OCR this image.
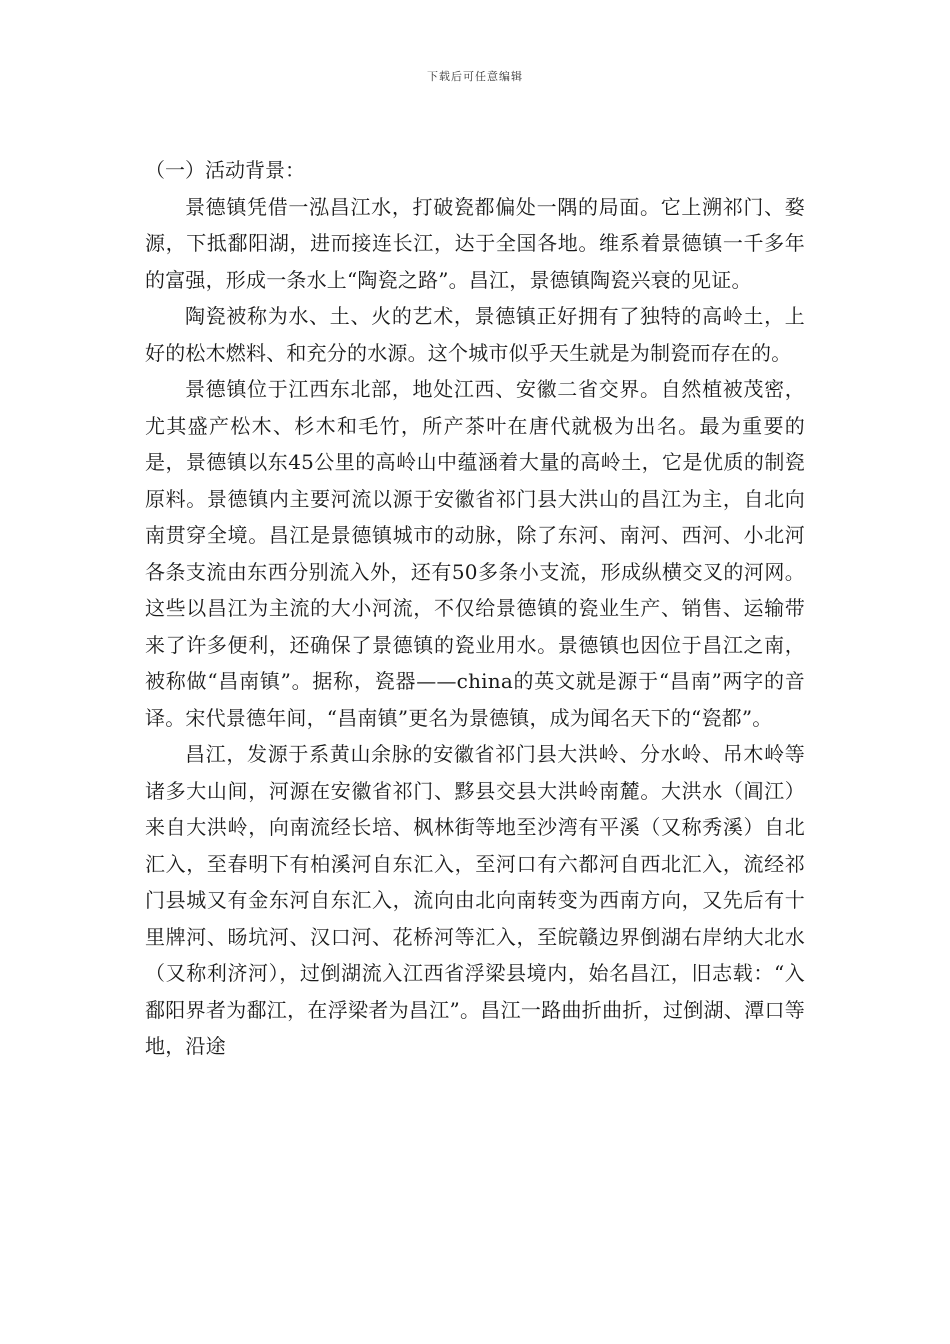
下载后可任意编辑

（一）活动背景：

景德镇凭借一泓昌江水，打破瓷都偏处一隅的局面。它上溯祁门、婺源，下抵鄱阳湖，进而接连长江，达于全国各地。维系着景德镇一千多年的富强，形成一条水上“陶瓷之路”。昌江，景德镇陶瓷兴衰的见证。

陶瓷被称为水、土、火的艺术，景德镇正好拥有了独特的高岭土，上好的松木燃料、和充分的水源。这个城市似乎天生就是为制瓷而存在的。

景德镇位于江西东北部，地处江西、安徽二省交界。自然植被茂密，尤其盛产松木、杉木和毛竹，所产茶叶在唐代就极为出名。最为重要的是，景德镇以东45公里的高岭山中蕴涵着大量的高岭土，它是优质的制瓷原料。景德镇内主要河流以源于安徽省祁门县大洪山的昌江为主，自北向南贯穿全境。昌江是景德镇城市的动脉，除了东河、南河、西河、小北河各条支流由东西分别流入外，还有50多条小支流，形成纵横交叉的河网。这些以昌江为主流的大小河流，不仅给景德镇的瓷业生产、销售、运输带来了许多便利，还确保了景德镇的瓷业用水。景德镇也因位于昌江之南，被称做“昌南镇”。据称，瓷器——china的英文就是源于“昌南”两字的音译。宋代景德年间，“昌南镇”更名为景德镇，成为闻名天下的“瓷都”。

昌江，发源于系黄山余脉的安徽省祁门县大洪岭、分水岭、吊木岭等诸多大山间，河源在安徽省祁门、黟县交县大洪岭南麓。大洪水（阊江）来自大洪岭，向南流经长培、枫林街等地至沙湾有平溪（又称秀溪）自北汇入，至春明下有柏溪河自东汇入，至河口有六都河自西北汇入，流经祁门县城又有金东河自东汇入，流向由北向南转变为西南方向，又先后有十里牌河、旸坑河、汉口河、花桥河等汇入，至皖赣边界倒湖右岸纳大北水（又称利济河），过倒湖流入江西省浮梁县境内，始名昌江，旧志载：“入鄱阳界者为鄱江，在浮梁者为昌江”。昌江一路曲折曲折，过倒湖、潭口等地，沿途
